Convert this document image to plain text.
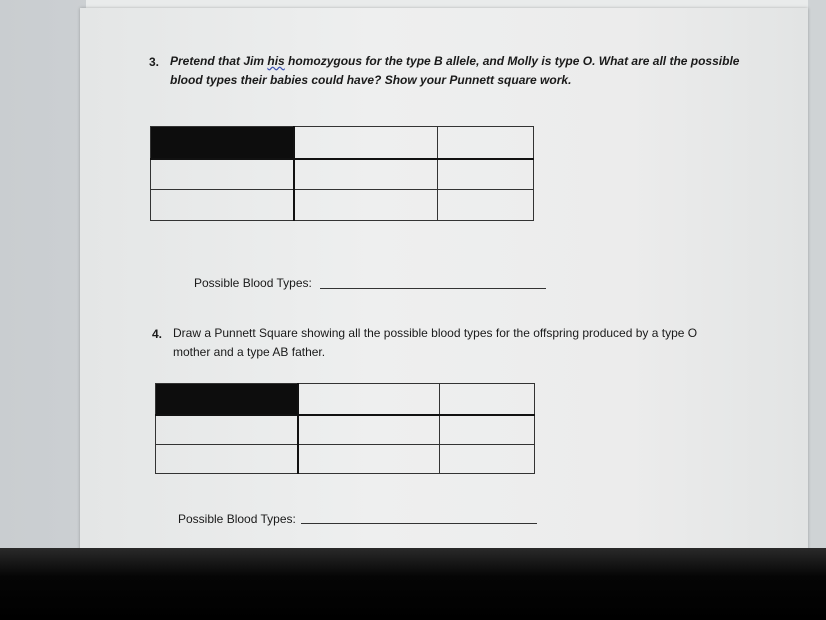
3. Pretend that Jim his homozygous for the type B allele, and Molly is type O. What are all the possible
blood types their babies could have? Show your Punnett square work.

Possible Blood Types:
4. Draw a Punnett Square showing all the possible blood types for the offspring produced by a type O
mother and a type AB father.

Possible Blood Types:
